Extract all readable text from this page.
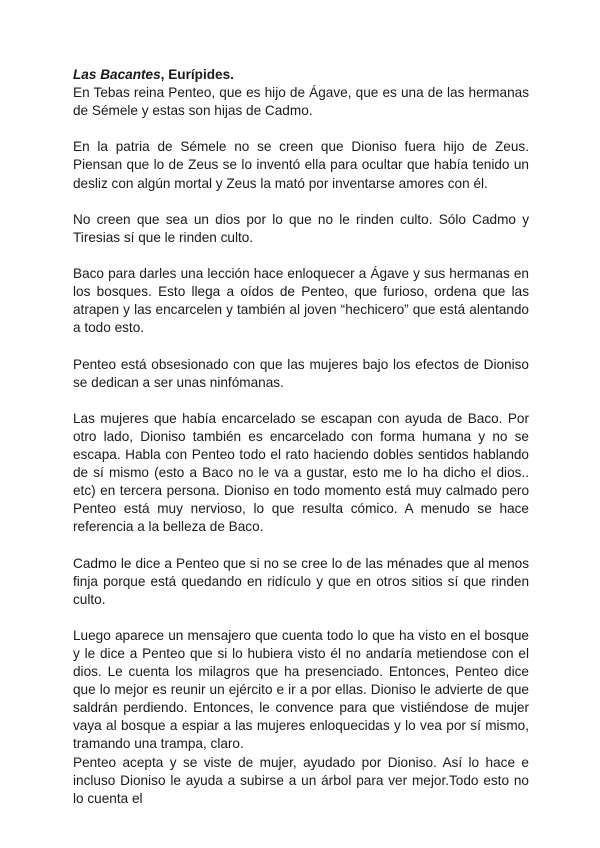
Las Bacantes, Eurípides.

En Tebas reina Penteo, que es hijo de Ágave, que es una de las hermanas de Sémele y estas son hijas de Cadmo.

En la patria de Sémele no se creen que Dioniso fuera hijo de Zeus. Piensan que lo de Zeus se lo inventó ella para ocultar que había tenido un desliz con algún mortal y Zeus la mató por inventarse amores con él.

No creen que sea un dios por lo que no le rinden culto. Sólo Cadmo y Tiresias sí que le rinden culto.

Baco para darles una lección hace enloquecer a Ágave y sus hermanas en los bosques. Esto llega a oídos de Penteo, que furioso, ordena que las atrapen y las encarcelen y también al joven “hechicero” que está alentando a todo esto.

Penteo está obsesionado con que las mujeres bajo los efectos de Dioniso se dedican a ser unas ninfómanas.

Las mujeres que había encarcelado se escapan con ayuda de Baco. Por otro lado, Dioniso también es encarcelado con forma humana y no se escapa. Habla con Penteo todo el rato haciendo dobles sentidos hablando de sí mismo (esto a Baco no le va a gustar, esto me lo ha dicho el dios.. etc) en tercera persona. Dioniso en todo momento está muy calmado pero Penteo está muy nervioso, lo que resulta cómico. A menudo se hace referencia a la belleza de Baco.

Cadmo le dice a Penteo que si no se cree lo de las ménades que al menos finja porque está quedando en ridículo y que en otros sitios sí que rinden culto.

Luego aparece un mensajero que cuenta todo lo que ha visto en el bosque y le dice a Penteo que si lo hubiera visto él no andaría metiendose con el dios. Le cuenta los milagros que ha presenciado. Entonces, Penteo dice que lo mejor es reunir un ejército e ir a por ellas. Dioniso le advierte de que saldrán perdiendo. Entonces, le convence para que vistiéndose de mujer vaya al bosque a espiar a las mujeres enloquecidas y lo vea por sí mismo, tramando una trampa, claro.

Penteo acepta y se viste de mujer, ayudado por Dioniso. Así lo hace e incluso Dioniso le ayuda a subirse a un árbol para ver mejor.Todo esto no lo cuenta el
